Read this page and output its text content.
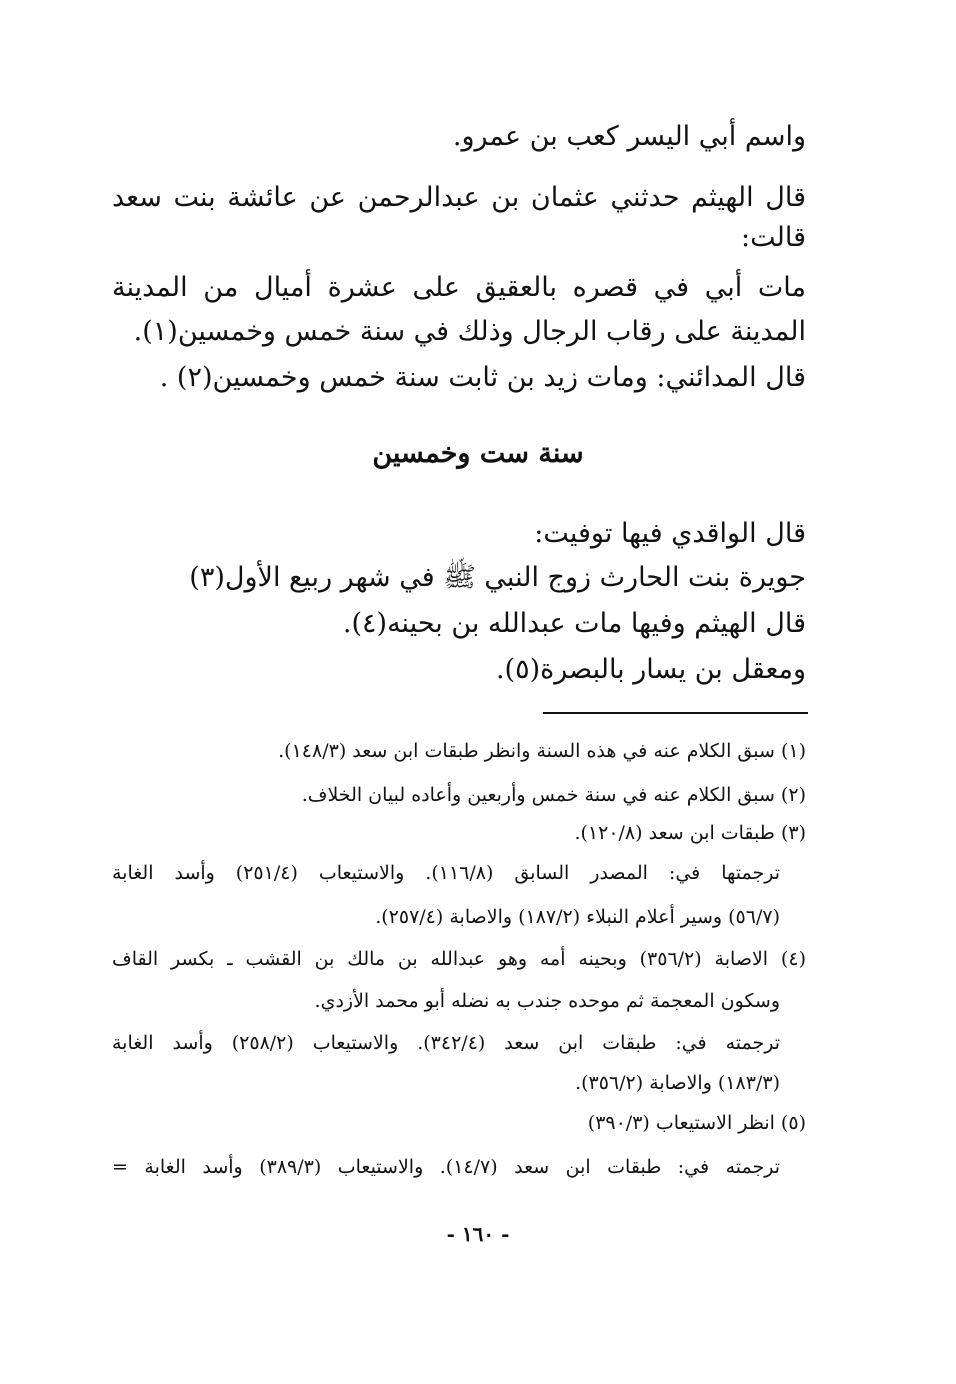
واسم أبي اليسر كعب بن عمرو.
قال الهيثم حدثني عثمان بن عبدالرحمن عن عائشة بنت سعد
قالت:
مات أبي في قصره بالعقيق على عشرة أميال من المدينة
المدينة على رقاب الرجال وذلك في سنة خمس وخمسين(١).
قال المدائني: ومات زيد بن ثابت سنة خمس وخمسين(٢) .
سنة ست وخمسين
قال الواقدي فيها توفيت:
جويرة بنت الحارث زوج النبي ﷺ في شهر ربيع الأول(٣)
قال الهيثم وفيها مات عبدالله بن بحينه(٤).
ومعقل بن يسار بالبصرة(٥).
(١) سبق الكلام عنه في هذه السنة وانظر طبقات ابن سعد (١٤٨/٣).
(٢) سبق الكلام عنه في سنة خمس وأربعين وأعاده لبيان الخلاف.
(٣) طبقات ابن سعد (١٢٠/٨).
ترجمتها في: المصدر السابق (١١٦/٨). والاستيعاب (٢٥١/٤) وأسد الغابة
(٥٦/٧) وسير أعلام النبلاء (١٨٧/٢) والاصابة (٢٥٧/٤).
(٤) الاصابة (٣٥٦/٢) وبحينه أمه وهو عبدالله بن مالك بن القشب ـ بكسر القاف
وسكون المعجمة ثم موحده جندب به نضله أبو محمد الأزدي.
ترجمته في: طبقات ابن سعد (٣٤٢/٤). والاستيعاب (٢٥٨/٢) وأسد الغابة
(١٨٣/٣) والاصابة (٣٥٦/٢).
(٥) انظر الاستيعاب (٣٩٠/٣)
ترجمته في: طبقات ابن سعد (١٤/٧). والاستيعاب (٣٨٩/٣) وأسد الغابة =
- ١٦٠ -
